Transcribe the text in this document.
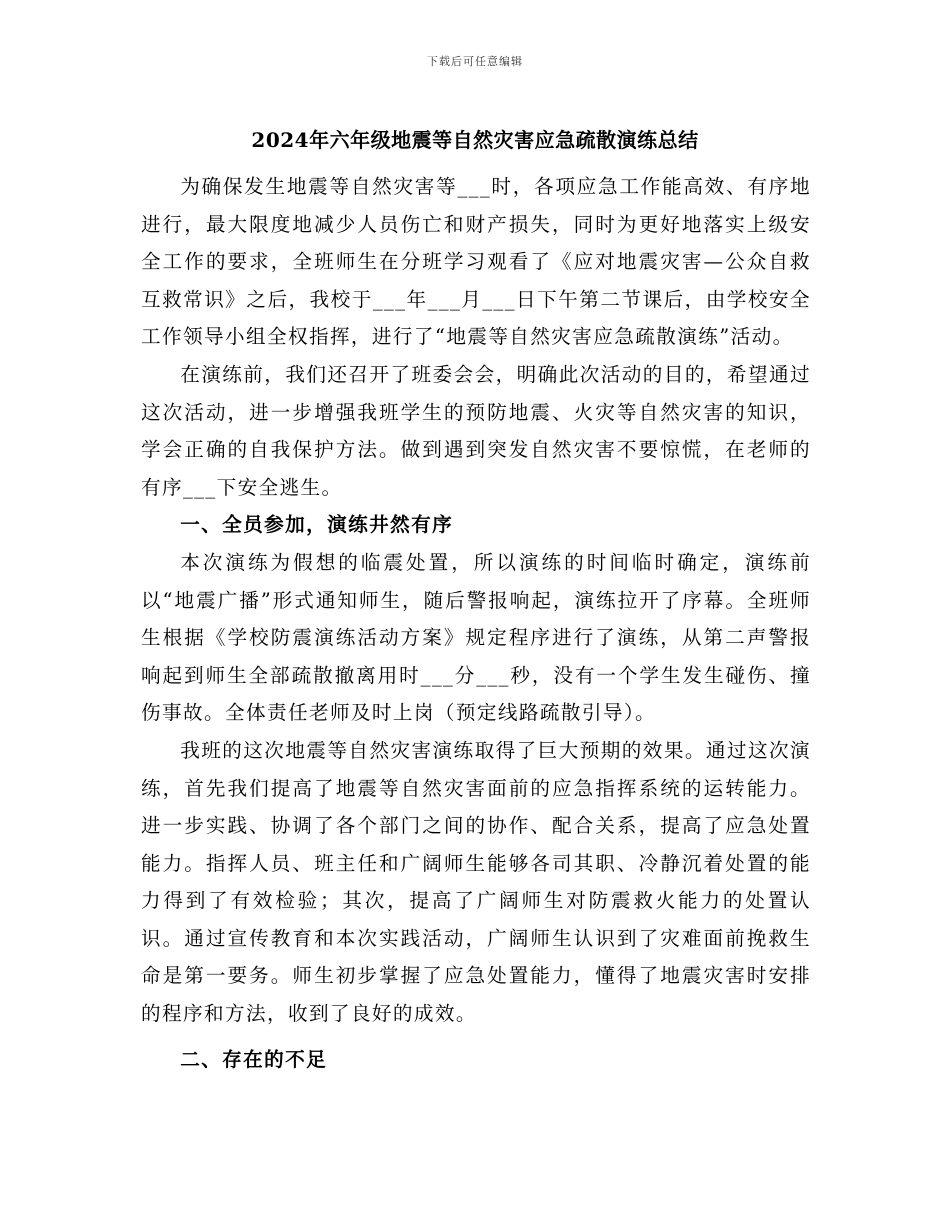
下载后可任意编辑
2024年六年级地震等自然灾害应急疏散演练总结

为确保发生地震等自然灾害等___时，各项应急工作能高效、有序地进行，最大限度地减少人员伤亡和财产损失，同时为更好地落实上级安全工作的要求，全班师生在分班学习观看了《应对地震灾害—公众自救互救常识》之后，我校于___年___月___日下午第二节课后，由学校安全工作领导小组全权指挥，进行了“地震等自然灾害应急疏散演练”活动。

在演练前，我们还召开了班委会会，明确此次活动的目的，希望通过这次活动，进一步增强我班学生的预防地震、火灾等自然灾害的知识，学会正确的自我保护方法。做到遇到突发自然灾害不要惊慌，在老师的有序___下安全逃生。

一、全员参加，演练井然有序

本次演练为假想的临震处置，所以演练的时间临时确定，演练前以“地震广播”形式通知师生，随后警报响起，演练拉开了序幕。全班师生根据《学校防震演练活动方案》规定程序进行了演练，从第二声警报响起到师生全部疏散撤离用时___分___秒，没有一个学生发生碰伤、撞伤事故。全体责任老师及时上岗（预定线路疏散引导）。

我班的这次地震等自然灾害演练取得了巨大预期的效果。通过这次演练，首先我们提高了地震等自然灾害面前的应急指挥系统的运转能力。进一步实践、协调了各个部门之间的协作、配合关系，提高了应急处置能力。指挥人员、班主任和广阔师生能够各司其职、冷静沉着处置的能力得到了有效检验；其次，提高了广阔师生对防震救火能力的处置认识。通过宣传教育和本次实践活动，广阔师生认识到了灾难面前挽救生命是第一要务。师生初步掌握了应急处置能力，懂得了地震灾害时安排的程序和方法，收到了良好的成效。

二、存在的不足
